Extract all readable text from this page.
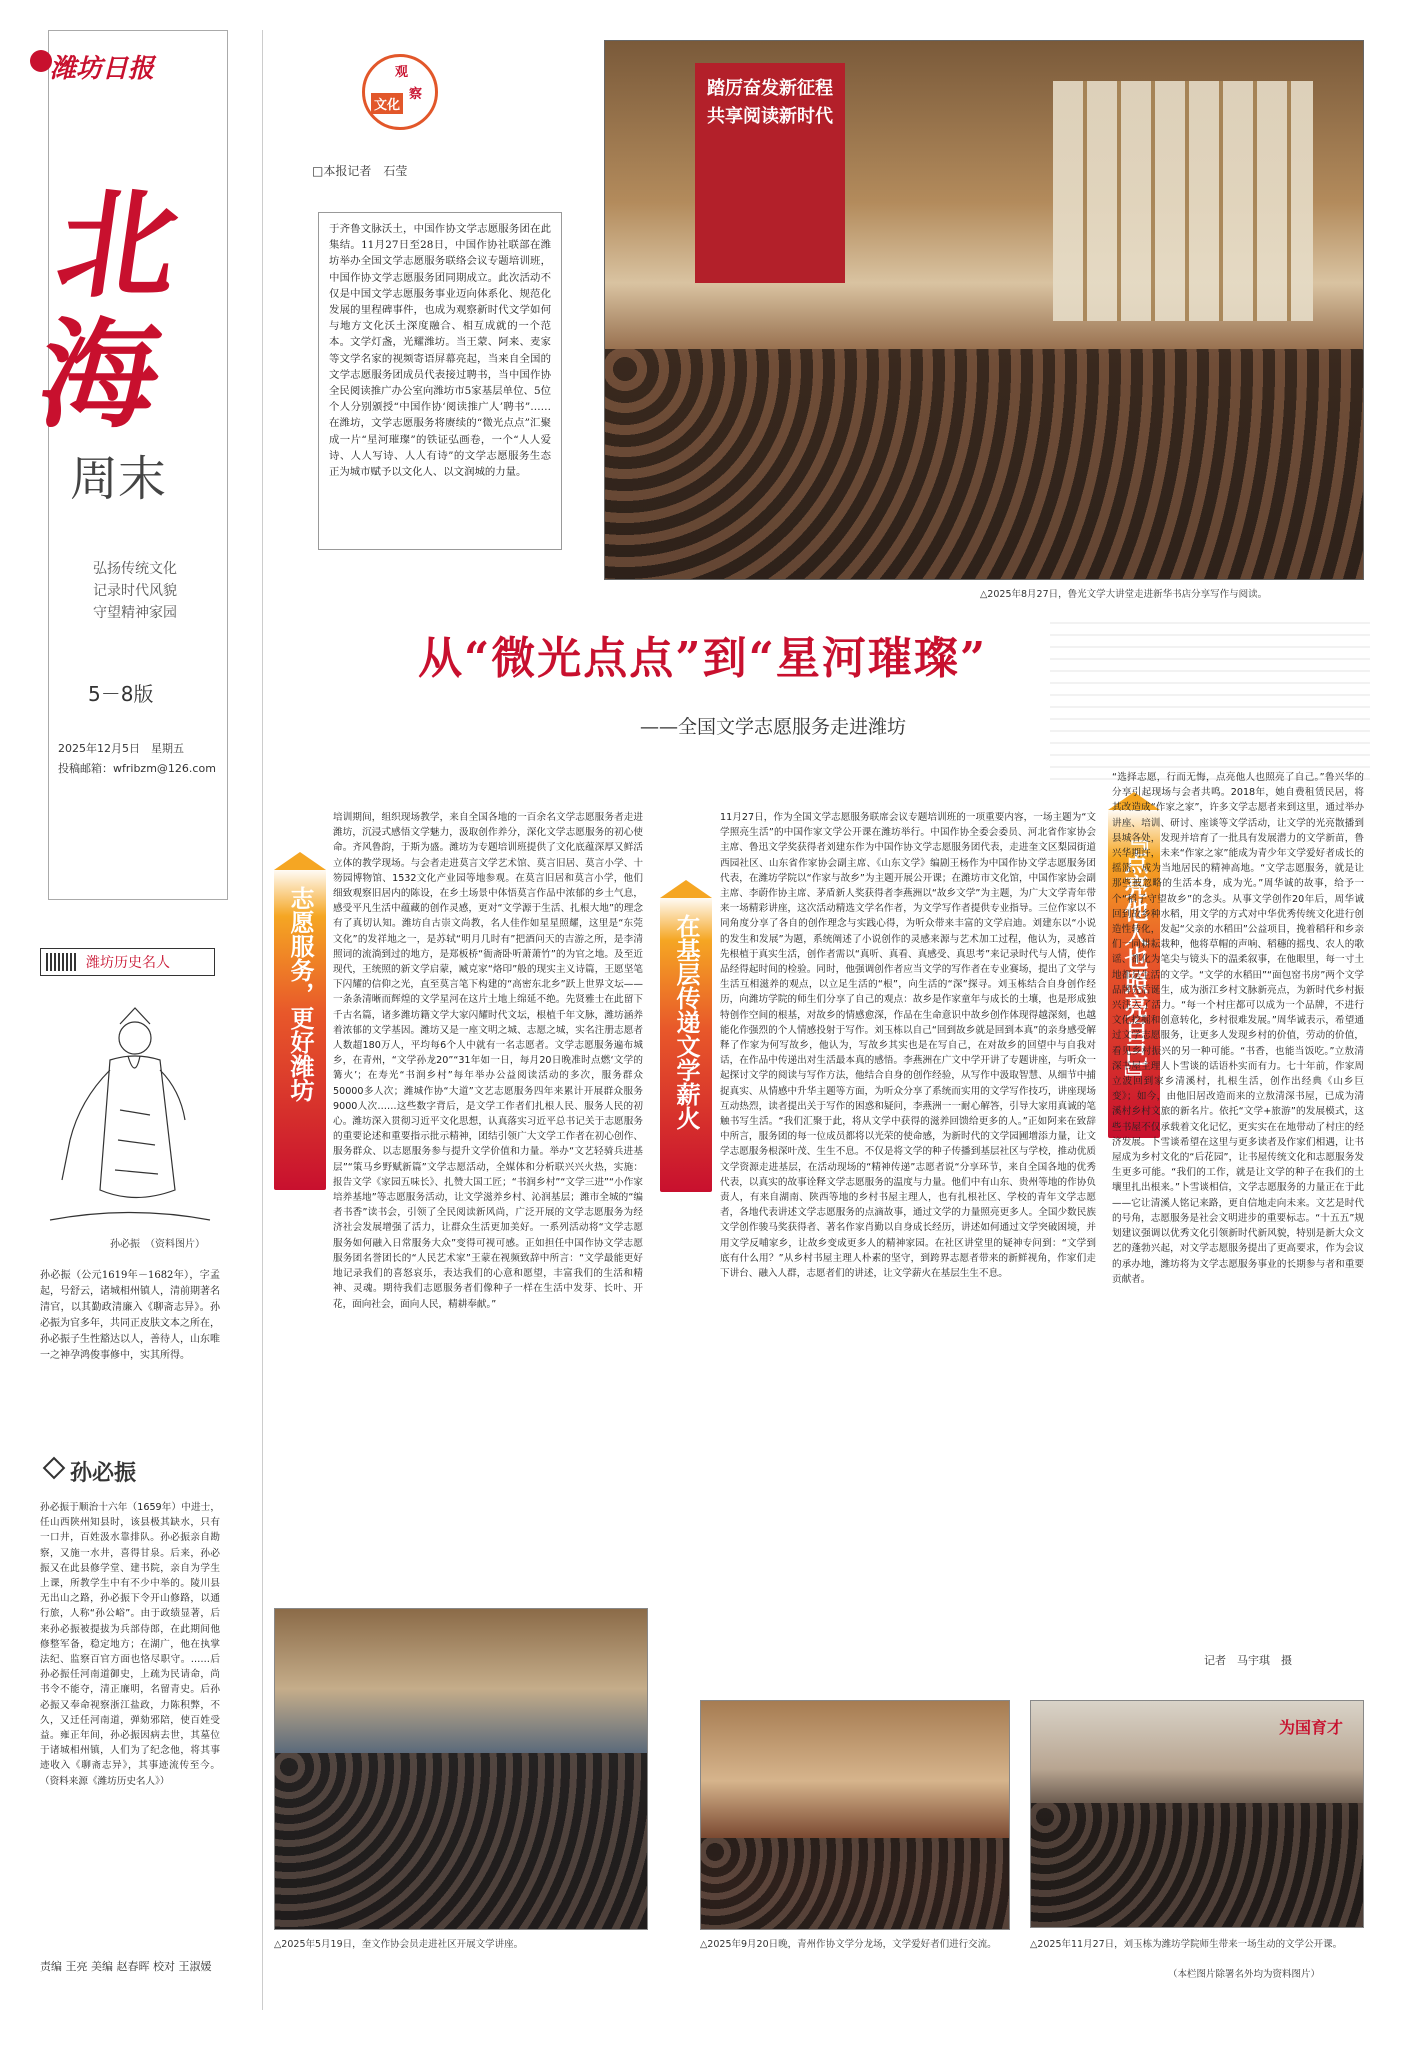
潍坊日报
北海
周末
弘扬传统文化
记录时代风貌
守望精神家园
5－8版
2025年12月5日　星期五
投稿邮箱：wfribzm@126.com
潍坊历史名人
孙必振　（资料图片）
孙必振（公元1619年－1682年），字孟起，号舒云，诸城相州镇人，清前期著名清官，以其勤政清廉入《聊斋志异》。孙必振为官多年，共同正皮肤文本之所在，孙必振子生性豁达以人，善待人，山东唯一之神孕鸿俊事修中，实其所得。
孙必振
孙必振于顺治十六年（1659年）中进士，任山西陕州知县时，该县极其缺水，只有一口井，百姓汲水靠排队。孙必振亲自勘察，又施一水井，喜得甘泉。后来，孙必振又在此县修学堂、建书院，亲自为学生上课，所教学生中有不少中举的。陵川县无出山之路，孙必振下令开山修路，以通行旅，人称“孙公峪”。由于政绩显著，后来孙必振被提拔为兵部侍郎，在此期间他修整军备，稳定地方；在湖广，他在执掌法纪、监察百官方面也恪尽职守。……后孙必振任河南道御史，上疏为民请命，尚书令不能夺，清正廉明，名留青史。后孙必振又奉命视察浙江盐政，力陈积弊，不久，又迁任河南道，弹劾邪陪，使百姓受益。雍正年间，孙必振因病去世，其墓位于诸城相州镇，人们为了纪念他，将其事迹收入《聊斋志异》，其事迹流传至今。 （资料来源《潍坊历史名人》）
责编 王亮 美编 赵春晖 校对 王淑媛
观
察
文化
□本报记者　石莹
于齐鲁文脉沃土，中国作协文学志愿服务团在此集结。11月27日至28日，中国作协社联部在潍坊举办全国文学志愿服务联络会议专题培训班，中国作协文学志愿服务团同期成立。此次活动不仅是中国文学志愿服务事业迈向体系化、规范化发展的里程碑事件，也成为观察新时代文学如何与地方文化沃土深度融合、相互成就的一个范本。文学灯盏，光耀潍坊。当王蒙、阿来、麦家等文学名家的视频寄语屏幕亮起，当来自全国的文学志愿服务团成员代表接过聘书，当中国作协全民阅读推广办公室向潍坊市5家基层单位、5位个人分别颁授“中国作协‘阅读推广人’聘书”……在潍坊，文学志愿服务将赓续的“微光点点”汇聚成一片“星河璀璨”的铁证弘画卷，一个“人人爱诗、人人写诗、人人有诗”的文学志愿服务生态正为城市赋予以文化人、以文润城的力量。
踏厉奋发新征程 共享阅读新时代
△2025年8月27日，鲁光文学大讲堂走进新华书店分享写作与阅读。
从“微光点点”到“星河璀璨”
——全国文学志愿服务走进潍坊
志愿服务，更好潍坊	在基层传递文学薪火	『点亮他人也照亮自己』
培训期间，组织现场教学，来自全国各地的一百余名文学志愿服务者走进潍坊，沉浸式感悟文学魅力，汲取创作养分，深化文学志愿服务的初心使命。齐风鲁韵，于斯为盛。潍坊为专题培训班提供了文化底蕴深厚又鲜活立体的教学现场。与会者走进莫言文学艺术馆、莫言旧居、莫言小学、十笏园博物馆、1532文化产业园等地参观。在莫言旧居和莫言小学，他们细致观察旧居内的陈设，在乡土场景中体悟莫言作品中浓郁的乡土气息，感受平凡生活中蕴藏的创作灵感，更对“文学源于生活、扎根大地”的理念有了真切认知。潍坊自古崇文尚教，名人佳作如星星照耀，这里是“东莞文化”的发祥地之一，是苏轼“明月几时有”把酒问天的吉游之所，是李清照词的流淌到过的地方，是郑板桥“衙斋卧听萧萧竹”的为官之地。及至近现代，王统照的新文学启蒙，臧克家“烙印”般的现实主义诗篇，王愿坚笔下闪耀的信仰之光，直至莫言笔下构建的“高密东北乡”跃上世界文坛——一条条清晰而辉煌的文学星河在这片土地上绵延不绝。先贤雅士在此留下千古名篇，诸多潍坊籍文学大家闪耀时代文坛，根植千年文脉，潍坊涵养着浓郁的文学基因。潍坊又是一座文明之城、志愿之城，实名注册志愿者人数超180万人，平均每6个人中就有一名志愿者。文学志愿服务遍布城乡，在青州，“文学孙龙20”“31年如一日，每月20日晚准时点燃‘文学的篝火’；在寿光“书润乡村”每年举办公益阅读活动的多次，服务群众50000多人次；潍城作协“大道”文艺志愿服务四年来累计开展群众服务9000人次……这些数字背后，是文学工作者们扎根人民、服务人民的初心。潍坊深入贯彻习近平文化思想，认真落实习近平总书记关于志愿服务的重要论述和重要指示批示精神，团结引领广大文学工作者在初心创作、服务群众、以志愿服务参与提升文学价值和力量。举办“文艺轻骑兵进基层”“策马乡野赋新篇”文学志愿活动，全媒体和分析联兴兴火热，实施：报告文学《家园五味长》、扎赞大国工匠；“书润乡村”“文学三进”“小作家培养基地”等志愿服务活动，让文学滋养乡村、沁润基层；潍市全城的“编者书香”读书会，引领了全民阅读新风尚，广泛开展的文学志愿服务为经济社会发展增强了活力，让群众生活更加美好。一系列活动将“文学志愿服务如何融入日常服务大众”变得可视可感。正如担任中国作协文学志愿服务团名誉团长的“人民艺术家”王蒙在视频致辞中所言：“文学最能更好地记录我们的喜怒哀乐，表达我们的心意和愿望，丰富我们的生活和精神、灵魂。期待我们志愿服务者们像种子一样在生活中发芽、长叶、开花，面向社会，面向人民，精耕奉献。”
11月27日，作为全国文学志愿服务联席会议专题培训班的一项重要内容，一场主题为“文学照亮生活”的中国作家文学公开课在潍坊举行。中国作协全委会委员、河北省作家协会主席、鲁迅文学奖获得者刘建东作为中国作协文学志愿服务团代表，走进奎文区梨园街道西园社区、山东省作家协会副主席、《山东文学》编剧王杨作为中国作协文学志愿服务团代表，在潍坊学院以“作家与故乡”为主题开展公开课；在潍坊市文化馆，中国作家协会副主席、李蔚作协主席、茅盾新人奖获得者李燕洲以“故乡文学”为主题，为广大文学青年带来一场精彩讲座，这次活动精选文学名作者，为文学写作者提供专业指导。三位作家以不同角度分享了各自的创作理念与实践心得，为听众带来丰富的文学启迪。刘建东以“小说的发生和发展”为题，系统阐述了小说创作的灵感来源与艺术加工过程，他认为，灵感首先根植于真实生活，创作者需以“真听、真看、真感受、真思考”来记录时代与人情，使作品经得起时间的检验。同时，他强调创作者应当文学的写作者在专业赛场，提出了文学与生活互相滋养的观点，以立足生活的“根”，向生活的“深”探寻。刘玉栋结合自身创作经历，向潍坊学院的师生们分享了自己的观点：故乡是作家童年与成长的土壤，也是形成独特创作空间的根基，对故乡的情感愈深，作品在生命意识中故乡创作体现得越深刻，也越能化作强烈的个人情感投射于写作。刘玉栋以自己“回到故乡就是回到本真”的亲身感受解释了作家为何写故乡，他认为，写故乡其实也是在写自己，在对故乡的回望中与自我对话，在作品中传递出对生活最本真的感悟。李燕洲在广文中学开讲了专题讲座，与听众一起探讨文学的阅读与写作方法，他结合自身的创作经验，从写作中汲取智慧、从细节中捕捉真实、从情感中升华主题等方面，为听众分享了系统而实用的文学写作技巧，讲座现场互动热烈，读者提出关于写作的困惑和疑问，李燕洲一一耐心解答，引导大家用真诚的笔触书写生活。“我们汇聚于此，将从文学中获得的滋养回馈给更多的人。”正如阿来在致辞中所言，服务团的每一位成员都将以光荣的使命感，为新时代的文学园圃增添力量，让文学志愿服务根深叶茂、生生不息。不仅是将文学的种子传播到基层社区与学校，推动优质文学资源走进基层，在活动现场的“精神传递”志愿者说“分享环节，来自全国各地的优秀代表，以真实的故事诠释文学志愿服务的温度与力量。他们中有山东、贵州等地的作协负责人，有来自湖南、陕西等地的乡村书屋主理人，也有扎根社区、学校的青年文学志愿者，各地代表讲述文学志愿服务的点滴故事，通过文学的力量照亮更多人。全国少数民族文学创作骏马奖获得者、著名作家肖勤以自身成长经历，讲述如何通过文学突破困境，并用文学反哺家乡，让故乡变成更多人的精神家园。在社区讲堂里的疑神专问到：“文学到底有什么用？”从乡村书屋主理人朴素的坚守，到跨界志愿者带来的新鲜视角，作家们走下讲台、融入人群，志愿者们的讲述，让文学薪火在基层生生不息。
“选择志愿，行而无悔，点亮他人也照亮了自己。”鲁兴华的分享引起现场与会者共鸣。2018年，她自费租赁民居，将其改造成“作家之家”，许多文学志愿者来到这里，通过举办讲座、培训、研讨、座谈等文学活动，让文学的光亮散播到县城各处，发现并培育了一批具有发展潜力的文学新苗，鲁兴华期许，未来“作家之家”能成为青少年文学爱好者成长的摇篮，成为当地居民的精神高地。“文学志愿服务，就是让那些被忽略的生活本身，成为光。”周华诚的故事，给予一个“稻子守望故乡”的念头。从事文学创作20年后，周华诚回到故乡种水稻，用文学的方式对中华优秀传统文化进行创造性转化，发起“父亲的水稻田”公益项目，挽着稻秆和乡亲们一同耕耘栽种，他将草帽的声响、稻穗的摇曳、农人的歌谣、都化为笔尖与镜头下的温柔叙事，在他眼里，每一寸土地都是生活的文学。“文学的水稻田”“面包窑书房”两个文学品牌先后诞生，成为浙江乡村文脉新亮点，为新时代乡村振兴注入了活力。“每一个村庄都可以成为一个品牌，不进行文化挖掘和创意转化，乡村很难发展。”周华诚表示，希望通过文学志愿服务，让更多人发现乡村的价值，劳动的价值，看见乡村振兴的另一种可能。“书香，也能当饭吃。”立敖清深书屋主理人卜雪谈的话语朴实而有力。七十年前，作家周立波回到家乡清溪村，扎根生活，创作出经典《山乡巨变》；如今，由他旧居改造而来的立敖清深书屋，已成为清溪村乡村文旅的新名片。依托“文学+旅游”的发展模式，这些书屋不仅承载着文化记忆，更实实在在地带动了村庄的经济发展。卜雪谈希望在这里与更多读者及作家们相遇，让书屋成为乡村文化的“后花园”，让书屋传统文化和志愿服务发生更多可能。“我们的工作，就是让文学的种子在我们的土壤里扎出根来。”卜雪谈相信，文学志愿服务的力量正在于此——它让清溪人铭记来路，更自信地走向未来。文艺是时代的号角，志愿服务是社会文明进步的重要标志。“十五五”规划建议强调以优秀文化引领新时代新风貌，特别是新大众文艺的蓬勃兴起，对文学志愿服务提出了更高要求，作为会议的承办地，潍坊将为文学志愿服务事业的长期参与者和重要贡献者。
记者　马宇琪　摄
为国育才
△2025年5月19日，奎文作协会员走进社区开展文学讲座。	△2025年9月20日晚，青州作协文学分龙场，文学爱好者们进行交流。	△2025年11月27日，刘玉栋为潍坊学院师生带来一场生动的文学公开课。
（本栏图片除署名外均为资料图片）
